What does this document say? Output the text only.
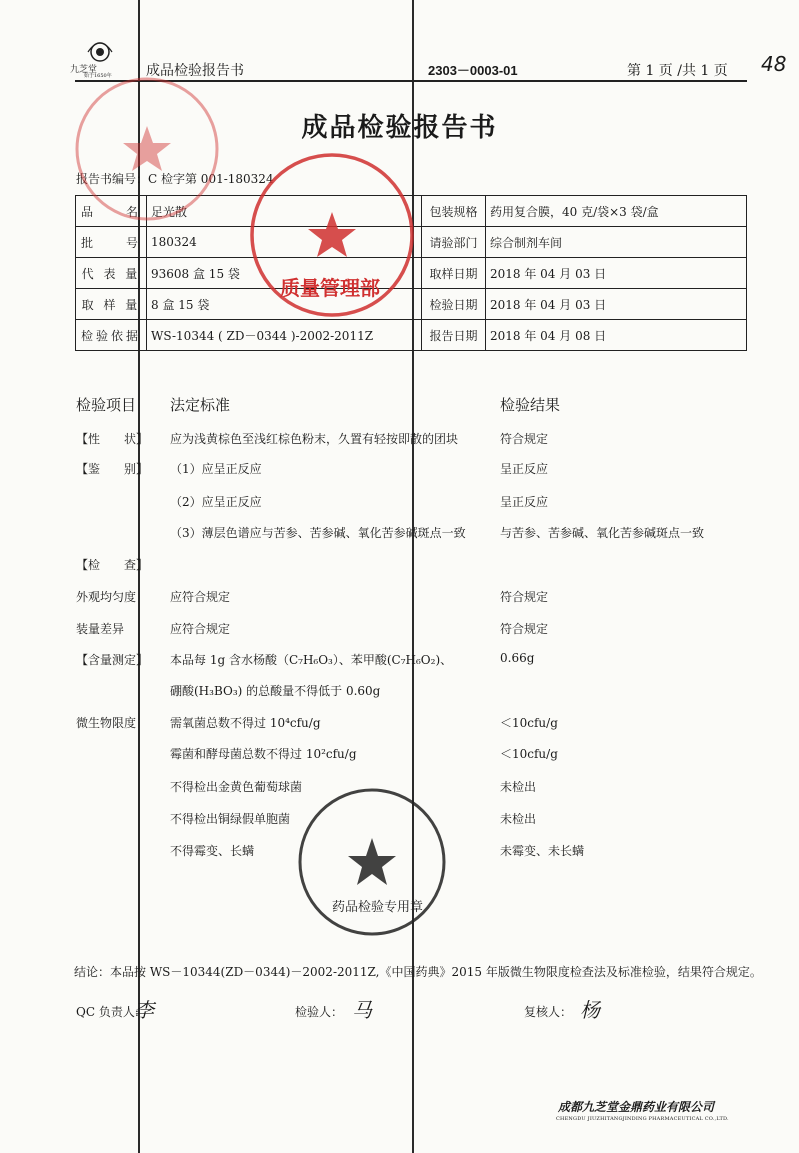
九芝堂
始于1650年 成品检验报告书	2303－0003-01	第 1 页 /共 1 页 48
成品检验报告书
报告书编号：C 检字第 001-180324
品　　名	足光散	包装规格	药用复合膜，40 克/袋×3 袋/盒
批　　号	180324	请验部门	综合制剂车间
代 表 量	93608 盒 15 袋	取样日期	2018 年 04 月 03 日
取 样 量	8 盒 15 袋	检验日期	2018 年 04 月 03 日
检验依据	WS-10344 ( ZD－0344 )-2002-2011Z	报告日期	2018 年 04 月 08 日
检验项目 法定标准	检验结果
【性　　状】 应为浅黄棕色至浅红棕色粉末，久置有轻按即散的团块	符合规定
【鉴　　别】 （1）应呈正反应	呈正反应
（2）应呈正反应	呈正反应
（3）薄层色谱应与苦参、苦参碱、氧化苦参碱斑点一致	与苦参、苦参碱、氧化苦参碱斑点一致
【检　　查】
外观均匀度	应符合规定	符合规定
装量差异	应符合规定	符合规定
【含量测定】 本品每 1g 含水杨酸（C₇H₆O₃）、苯甲酸(C₇H₆O₂)、	0.66g
硼酸(H₃BO₃) 的总酸量不得低于 0.60g
微生物限度	需氧菌总数不得过 10⁴cfu/g	＜10cfu/g
霉菌和酵母菌总数不得过 10²cfu/g	＜10cfu/g
不得检出金黄色葡萄球菌	未检出
不得检出铜绿假单胞菌	未检出
不得霉变、长螨	未霉变、未长螨
结论：本品按 WS－10344(ZD－0344)－2002-2011Z,《中国药典》2015 年版微生物限度检查法及标准检验，结果符合规定。
QC 负责人:
李	检验人： 马	复核人： 杨
成都九芝堂金鼎药业有限公司
CHENGDU JIUZHITANGJINDING PHARMACEUTICAL CO.,LTD.
质量管理部
药品检验专用章
